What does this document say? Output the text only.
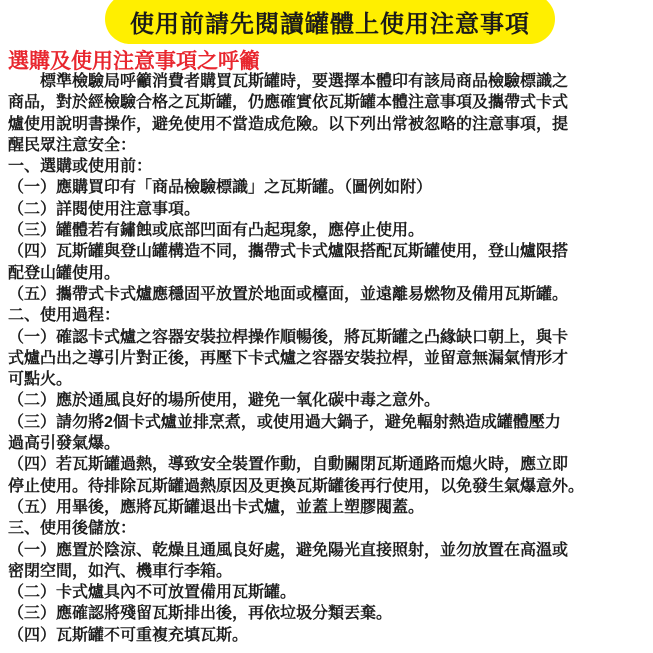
使用前請先閱讀罐體上使用注意事項
選購及使用注意事項之呼籲
　　標準檢驗局呼籲消費者購買瓦斯罐時，要選擇本體印有該局商品檢驗標識之
商品，對於經檢驗合格之瓦斯罐，仍應確實依瓦斯罐本體注意事項及攜帶式卡式
爐使用說明書操作，避免使用不當造成危險。以下列出常被忽略的注意事項，提
醒民眾注意安全：
一、選購或使用前：
（一）應購買印有「商品檢驗標識」之瓦斯罐。（圖例如附）
（二）詳閱使用注意事項。
（三）罐體若有鏽蝕或底部凹面有凸起現象，應停止使用。
（四）瓦斯罐與登山罐構造不同，攜帶式卡式爐限搭配瓦斯罐使用，登山爐限搭
配登山罐使用。
（五）攜帶式卡式爐應穩固平放置於地面或檯面，並遠離易燃物及備用瓦斯罐。
二、使用過程：
（一）確認卡式爐之容器安裝拉桿操作順暢後，將瓦斯罐之凸緣缺口朝上，與卡
式爐凸出之導引片對正後，再壓下卡式爐之容器安裝拉桿，並留意無漏氣情形才
可點火。
（二）應於通風良好的場所使用，避免一氧化碳中毒之意外。
（三）請勿將2個卡式爐並排烹煮，或使用過大鍋子，避免輻射熱造成罐體壓力
過高引發氣爆。
（四）若瓦斯罐過熱，導致安全裝置作動，自動關閉瓦斯通路而熄火時，應立即
停止使用。待排除瓦斯罐過熱原因及更換瓦斯罐後再行使用，以免發生氣爆意外。
（五）用畢後，應將瓦斯罐退出卡式爐，並蓋上塑膠閥蓋。
三、使用後儲放：
（一）應置於陰涼、乾燥且通風良好處，避免陽光直接照射，並勿放置在高溫或
密閉空間，如汽、機車行李箱。
（二）卡式爐具內不可放置備用瓦斯罐。
（三）應確認將殘留瓦斯排出後，再依垃圾分類丟棄。
（四）瓦斯罐不可重複充填瓦斯。
